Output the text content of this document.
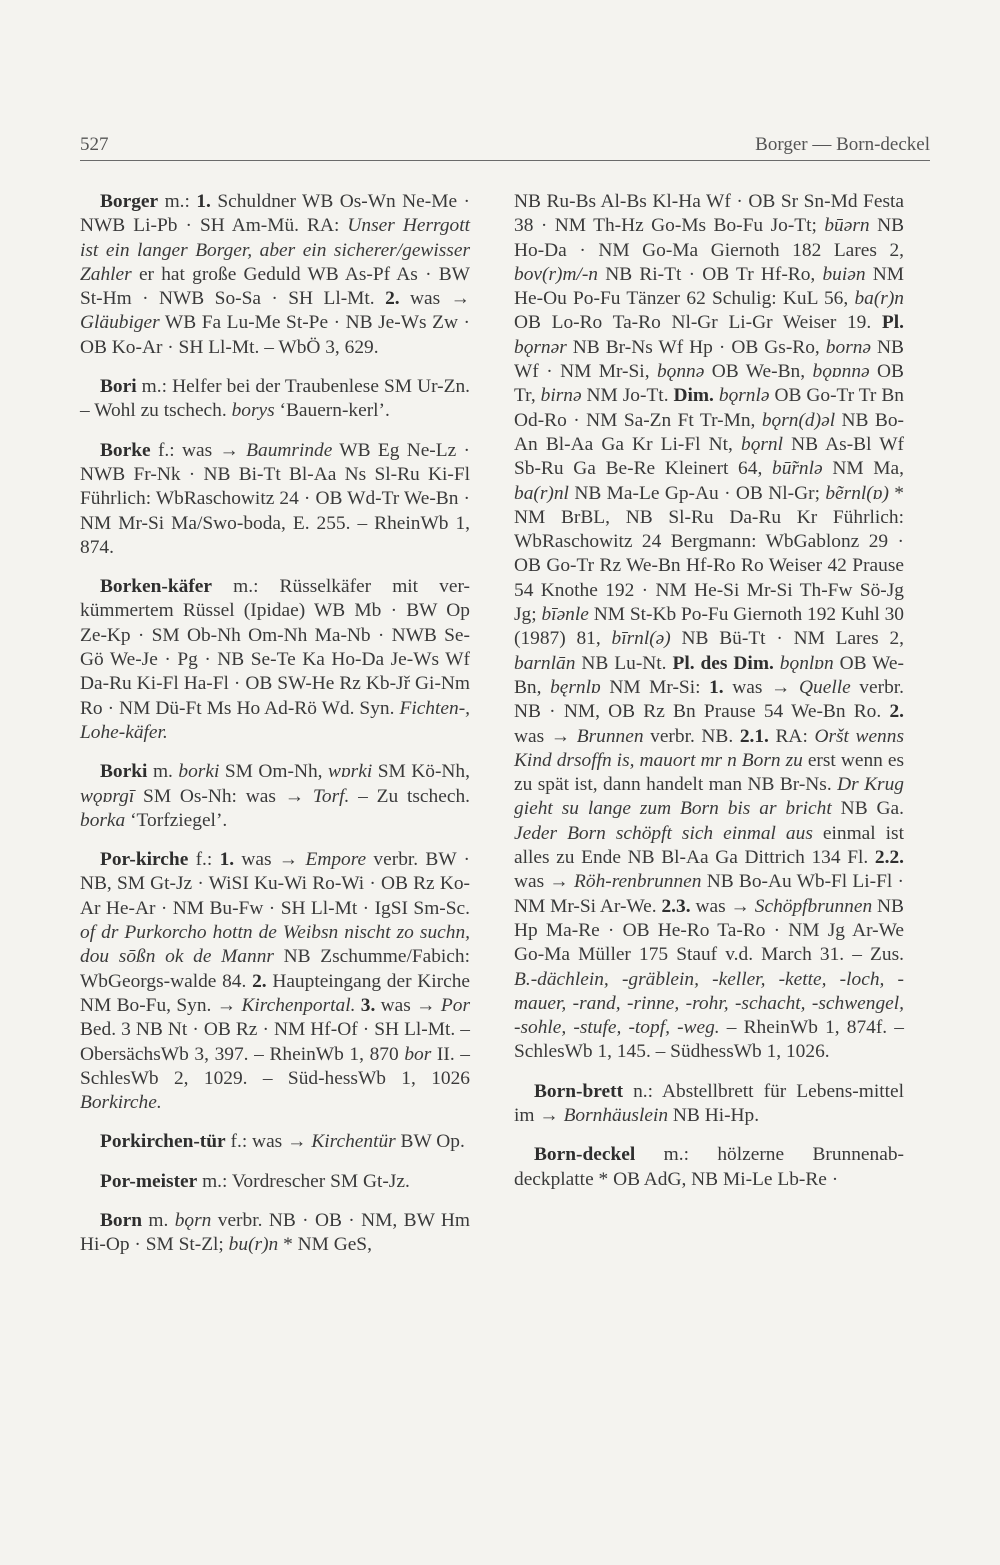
527	Borger — Born-deckel

Borger m.: 1. Schuldner WB Os-Wn Ne-Me · NWB Li-Pb · SH Am-Mü. RA: Unser Herrgott ist ein langer Borger, aber ein sicherer/gewisser Zahler er hat große Geduld WB As-Pf As · BW St-Hm · NWB So-Sa · SH Ll-Mt. 2. was → Gläubiger WB Fa Lu-Me St-Pe · NB Je-Ws Zw · OB Ko-Ar · SH Ll-Mt. – WbÖ 3, 629.

Bori m.: Helfer bei der Traubenlese SM Ur-Zn. – Wohl zu tschech. borys ‘Bauern-kerl’.

Borke f.: was → Baumrinde WB Eg Ne-Lz · NWB Fr-Nk · NB Bi-Tt Bl-Aa Ns Sl-Ru Ki-Fl Führlich: WbRaschowitz 24 · OB Wd-Tr We-Bn · NM Mr-Si Ma/Swo-boda, E. 255. – RheinWb 1, 874.

Borken-käfer m.: Rüsselkäfer mit ver-kümmertem Rüssel (Ipidae) WB Mb · BW Op Ze-Kp · SM Ob-Nh Om-Nh Ma-Nb · NWB Se-Gö We-Je · Pg · NB Se-Te Ka Ho-Da Je-Ws Wf Da-Ru Ki-Fl Ha-Fl · OB SW-He Rz Kb-Jř Gi-Nm Ro · NM Dü-Ft Ms Ho Ad-Rö Wd. Syn. Fichten-, Lohe-käfer.

Borki m. borki SM Om-Nh, wɒrki SM Kö-Nh, wǫɒrgī SM Os-Nh: was → Torf. – Zu tschech. borka ‘Torfziegel’.

Por-kirche f.: 1. was → Empore verbr. BW · NB, SM Gt-Jz · WiSI Ku-Wi Ro-Wi · OB Rz Ko-Ar He-Ar · NM Bu-Fw · SH Ll-Mt · IgSI Sm-Sc. of dr Purkorcho hottn de Weibsn nischt zo suchn, dou sōßn ok de Mannr NB Zschumme/Fabich: WbGeorgs-walde 84. 2. Haupteingang der Kirche NM Bo-Fu, Syn. → Kirchenportal. 3. was → Por Bed. 3 NB Nt · OB Rz · NM Hf-Of · SH Ll-Mt. – ObersächsWb 3, 397. – RheinWb 1, 870 bor II. – SchlesWb 2, 1029. – Süd-hessWb 1, 1026 Borkirche.

Porkirchen-tür f.: was → Kirchentür BW Op.

Por-meister m.: Vordrescher SM Gt-Jz.

Born m. bǫrn verbr. NB · OB · NM, BW Hm Hi-Op · SM St-Zl; bu(r)n * NM GeS,

NB Ru-Bs Al-Bs Kl-Ha Wf · OB Sr Sn-Md Festa 38 · NM Th-Hz Go-Ms Bo-Fu Jo-Tt; būərn NB Ho-Da · NM Go-Ma Giernoth 182 Lares 2, bov(r)m/-n NB Ri-Tt · OB Tr Hf-Ro, buiən NM He-Ou Po-Fu Tänzer 62 Schulig: KuL 56, ba(r)n OB Lo-Ro Ta-Ro Nl-Gr Li-Gr Weiser 19. Pl. bǫrnər NB Br-Ns Wf Hp · OB Gs-Ro, bornə NB Wf · NM Mr-Si, bǫnnə OB We-Bn, bǫɒnnə OB Tr, birnə NM Jo-Tt. Dim. bǫrnlə OB Go-Tr Tr Bn Od-Ro · NM Sa-Zn Ft Tr-Mn, bǫrn(d)əl NB Bo-An Bl-Aa Ga Kr Li-Fl Nt, bǫrnl NB As-Bl Wf Sb-Ru Ga Be-Re Kleinert 64, bū̃rnlə NM Ma, ba(r)nl NB Ma-Le Gp-Au · OB Nl-Gr; bẽrnl(ɒ) * NM BrBL, NB Sl-Ru Da-Ru Kr Führlich: WbRaschowitz 24 Bergmann: WbGablonz 29 · OB Go-Tr Rz We-Bn Hf-Ro Ro Weiser 42 Prause 54 Knothe 192 · NM He-Si Mr-Si Th-Fw Sö-Jg Jg; bīənle NM St-Kb Po-Fu Giernoth 192 Kuhl 30 (1987) 81, bīrnl(ə) NB Bü-Tt · NM Lares 2, barnlān NB Lu-Nt. Pl. des Dim. bǫnlɒn OB We-Bn, bęrnlɒ NM Mr-Si: 1. was → Quelle verbr. NB · NM, OB Rz Bn Prause 54 We-Bn Ro. 2. was → Brunnen verbr. NB. 2.1. RA: Oršt wenns Kind drsoffn is, mauort mr n Born zu erst wenn es zu spät ist, dann handelt man NB Br-Ns. Dr Krug gieht su lange zum Born bis ar bricht NB Ga. Jeder Born schöpft sich einmal aus einmal ist alles zu Ende NB Bl-Aa Ga Dittrich 134 Fl. 2.2. was → Röh-renbrunnen NB Bo-Au Wb-Fl Li-Fl · NM Mr-Si Ar-We. 2.3. was → Schöpfbrunnen NB Hp Ma-Re · OB He-Ro Ta-Ro · NM Jg Ar-We Go-Ma Müller 175 Stauf v.d. March 31. – Zus. B.-dächlein, -gräblein, -keller, -kette, -loch, -mauer, -rand, -rinne, -rohr, -schacht, -schwengel, -sohle, -stufe, -topf, -weg. – RheinWb 1, 874f. – SchlesWb 1, 145. – SüdhessWb 1, 1026.

Born-brett n.: Abstellbrett für Lebens-mittel im → Bornhäuslein NB Hi-Hp.

Born-deckel m.: hölzerne Brunnenab-deckplatte * OB AdG, NB Mi-Le Lb-Re ·
